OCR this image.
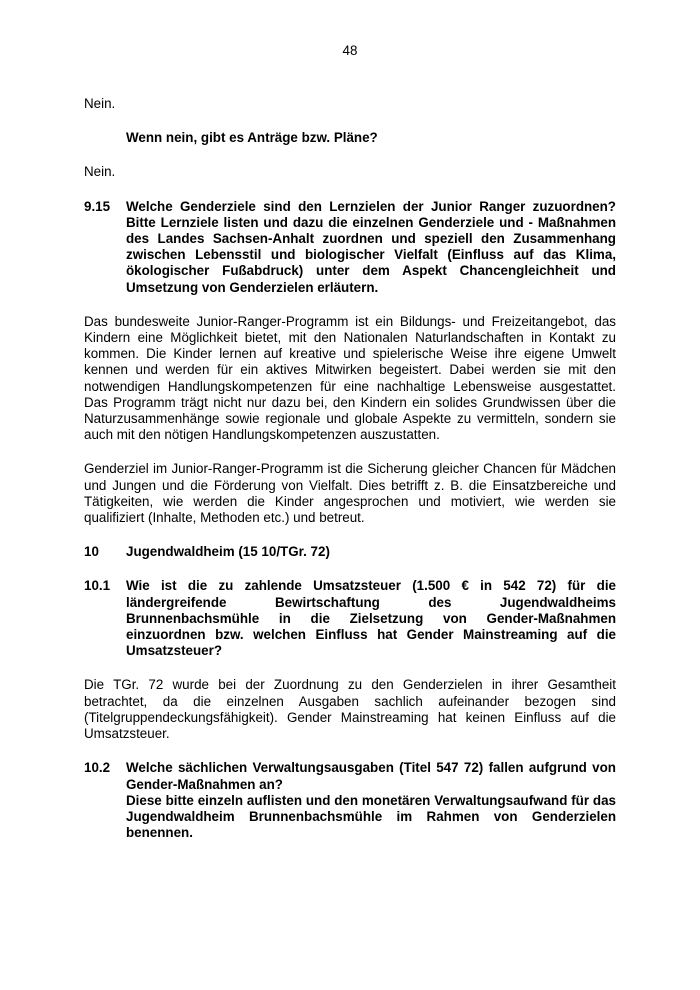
48

Nein.

Wenn nein, gibt es Anträge bzw. Pläne?

Nein.

9.15	Welche Genderziele sind den Lernzielen der Junior Ranger zuzuordnen? Bitte Lernziele listen und dazu die einzelnen Genderziele und - Maßnahmen des Landes Sachsen-Anhalt zuordnen und speziell den Zusammenhang zwischen Lebensstil und biologischer Vielfalt (Einfluss auf das Klima, ökologischer Fußabdruck) unter dem Aspekt Chancengleichheit und Umsetzung von Genderzielen erläutern.

Das bundesweite Junior-Ranger-Programm ist ein Bildungs- und Freizeitangebot, das Kindern eine Möglichkeit bietet, mit den Nationalen Naturlandschaften in Kontakt zu kommen. Die Kinder lernen auf kreative und spielerische Weise ihre eigene Umwelt kennen und werden für ein aktives Mitwirken begeistert. Dabei werden sie mit den notwendigen Handlungskompetenzen für eine nachhaltige Lebensweise ausgestattet. Das Programm trägt nicht nur dazu bei, den Kindern ein solides Grundwissen über die Naturzusammenhänge sowie regionale und globale Aspekte zu vermitteln, sondern sie auch mit den nötigen Handlungskompetenzen auszustatten.

Genderziel im Junior-Ranger-Programm ist die Sicherung gleicher Chancen für Mädchen und Jungen und die Förderung von Vielfalt. Dies betrifft z. B. die Einsatzbereiche und Tätigkeiten, wie werden die Kinder angesprochen und motiviert, wie werden sie qualifiziert (Inhalte, Methoden etc.) und betreut.

10	Jugendwaldheim (15 10/TGr. 72)
10.1	Wie ist die zu zahlende Umsatzsteuer (1.500 € in 542 72) für die ländergreifende Bewirtschaftung des Jugendwaldheims Brunnenbachsmühle in die Zielsetzung von Gender-Maßnahmen einzuordnen bzw. welchen Einfluss hat Gender Mainstreaming auf die Umsatzsteuer?

Die TGr. 72 wurde bei der Zuordnung zu den Genderzielen in ihrer Gesamtheit betrachtet, da die einzelnen Ausgaben sachlich aufeinander bezogen sind (Titelgruppendeckungsfähigkeit). Gender Mainstreaming hat keinen Einfluss auf die Umsatzsteuer.

10.2	Welche sächlichen Verwaltungsausgaben (Titel 547 72) fallen aufgrund von Gender-Maßnahmen an?
Diese bitte einzeln auflisten und den monetären Verwaltungsaufwand für das Jugendwaldheim Brunnenbachsmühle im Rahmen von Genderzielen benennen.
